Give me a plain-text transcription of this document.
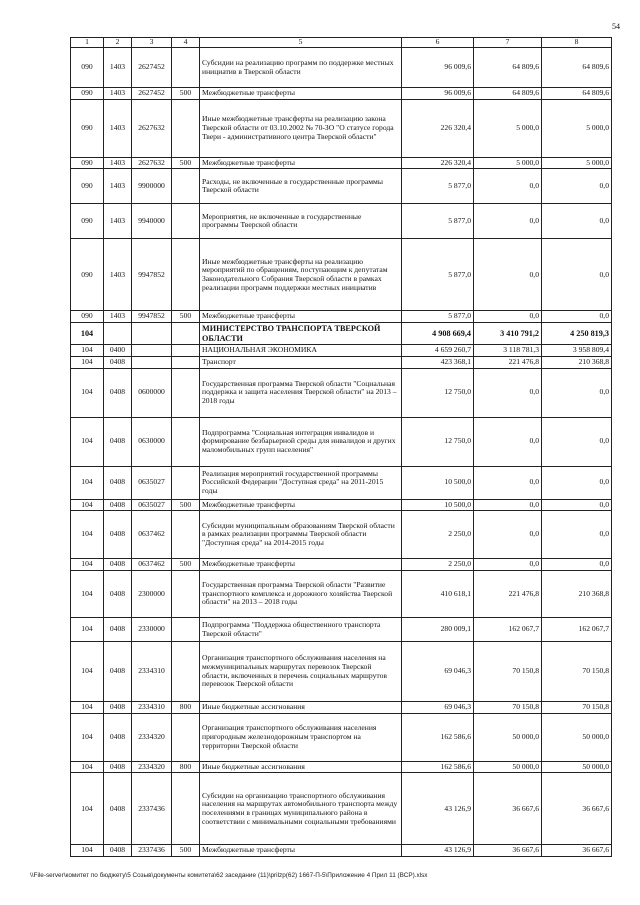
54
1	2	3	4	5	6	7	8
090	1403	2627452		Субсидии на реализацию программ по поддержке местных инициатив в Тверской области	96 009,6	64 809,6	64 809,6
090	1403	2627452	500	Межбюджетные трансферты	96 009,6	64 809,6	64 809,6
090	1403	2627632		Иные межбюджетные трансферты на реализацию закона Тверской области от 03.10.2002 № 70-ЗО "О статусе города Твери - административного центра Тверской области"	226 320,4	5 000,0	5 000,0
090	1403	2627632	500	Межбюджетные трансферты	226 320,4	5 000,0	5 000,0
090	1403	9900000		Расходы, не включенные в государственные программы Тверской области	5 877,0	0,0	0,0
090	1403	9940000		Мероприятия, не включенные в государственные программы Тверской области	5 877,0	0,0	0,0
090	1403	9947852		Иные межбюджетные трансферты на реализацию мероприятий по обращениям, поступающим к депутатам Законодательного Собрания Тверской области в рамках реализации программ поддержки местных инициатив	5 877,0	0,0	0,0
090	1403	9947852	500	Межбюджетные трансферты	5 877,0	0,0	0,0
104				МИНИСТЕРСТВО ТРАНСПОРТА ТВЕРСКОЙ ОБЛАСТИ	4 908 669,4	3 410 791,2	4 250 819,3
104	0400			НАЦИОНАЛЬНАЯ ЭКОНОМИКА	4 659 260,7	3 118 781,3	3 958 809,4
104	0408			Транспорт	423 368,1	221 476,8	210 368,8
104	0408	0600000		Государственная программа Тверской области "Социальная поддержка и защита населения Тверской области" на 2013 – 2018 годы	12 750,0	0,0	0,0
104	0408	0630000		Подпрограмма "Социальная интеграция инвалидов и формирование безбарьерной среды для инвалидов и других маломобильных групп населения"	12 750,0	0,0	0,0
104	0408	0635027		Реализация мероприятий государственной программы Российской Федерации "Доступная среда" на 2011-2015 годы	10 500,0	0,0	0,0
104	0408	0635027	500	Межбюджетные трансферты	10 500,0	0,0	0,0
104	0408	0637462		Субсидии муниципальным образованиям Тверской области в рамках реализации программы Тверской области "Доступная среда" на 2014-2015 годы	2 250,0	0,0	0,0
104	0408	0637462	500	Межбюджетные трансферты	2 250,0	0,0	0,0
104	0408	2300000		Государственная программа Тверской области "Развитие транспортного комплекса и дорожного хозяйства Тверской области" на 2013 – 2018 годы	410 618,1	221 476,8	210 368,8
104	0408	2330000		Подпрограмма "Поддержка общественного транспорта Тверской области"	280 009,1	162 067,7	162 067,7
104	0408	2334310		Организация транспортного обслуживания населения на межмуниципальных маршрутах перевозок Тверской области, включенных в перечень социальных маршрутов перевозок Тверской области	69 046,3	70 150,8	70 150,8
104	0408	2334310	800	Иные бюджетные ассигнования	69 046,3	70 150,8	70 150,8
104	0408	2334320		Организация транспортного обслуживания населения пригородным железнодорожным транспортом на территории Тверской области	162 586,6	50 000,0	50 000,0
104	0408	2334320	800	Иные бюджетные ассигнования	162 586,6	50 000,0	50 000,0
104	0408	2337436		Субсидии на организацию транспортного обслуживания населения на маршрутах автомобильного транспорта между поселениями в границах муниципального района в соответствии с минимальными социальными требованиями	43 126,9	36 667,6	36 667,6
104	0408	2337436	500	Межбюджетные трансферты	43 126,9	36 667,6	36 667,6
\\File-server\комитет по бюджету\5 Созыв\документы комитета\62 заседание (11)\prilzp(62) 1667-П-5\Приложение 4 Прил 11 (ВСР).xlsx
